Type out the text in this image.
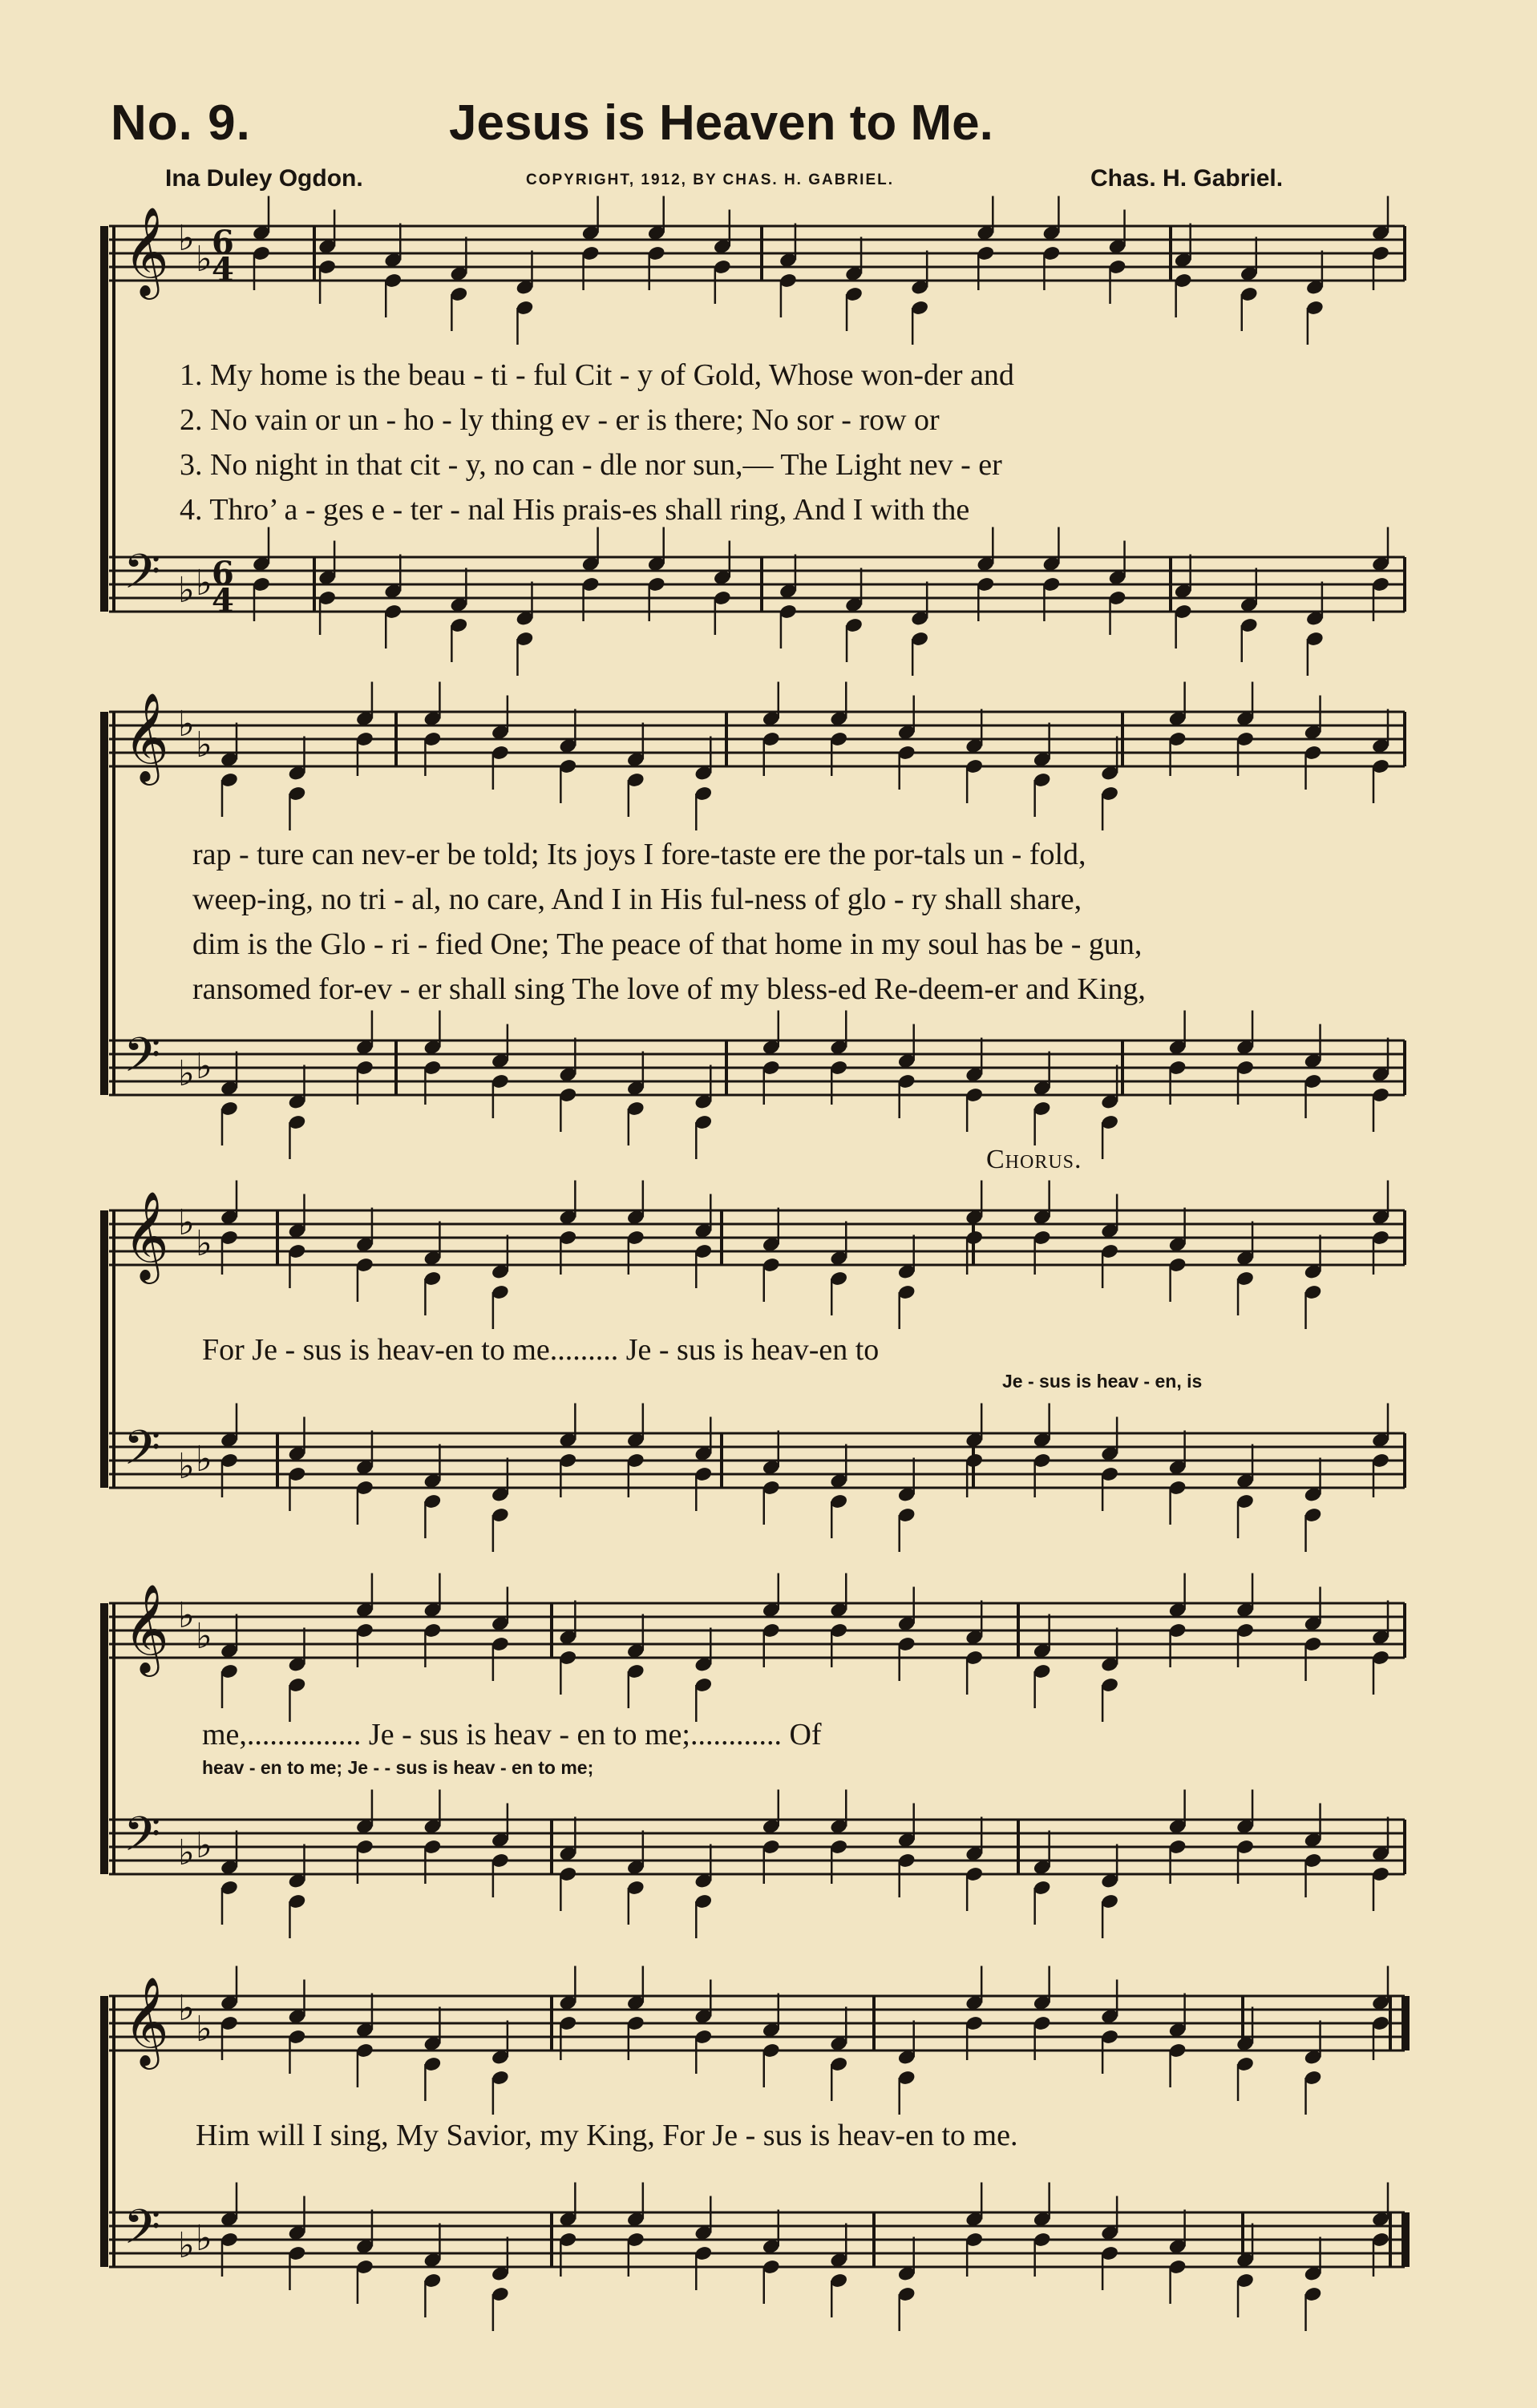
No. 9.	Jesus is Heaven to Me.
Ina Duley Ogdon.	COPYRIGHT, 1912, BY CHAS. H. GABRIEL.	Chas. H. Gabriel.
𝄞
𝄢
♭
♭
♭ ♭
6
4
6
4
𝄞
𝄢
♭
♭
♭ ♭
𝄞
𝄢
♭
♭
♭ ♭
𝄞
𝄢
♭
♭
♭ ♭
𝄞
𝄢
♭
♭
♭ ♭
1. My home is the beau - ti - ful Cit - y of Gold, Whose won-der and
2. No vain or un - ho - ly thing ev - er is there; No sor - row or
3. No night in that cit - y, no can - dle nor sun,— The Light nev - er
4. Thro’ a - ges e - ter - nal His prais-es shall ring, And I with the
rap - ture can nev-er be told; Its joys I fore-taste ere the por-tals un - fold,
weep-ing, no tri - al, no care, And I in His ful-ness of glo - ry shall share,
dim is the Glo - ri - fied One; The peace of that home in my soul has be - gun,
ransomed for-ev - er shall sing The love of my bless-ed Re-deem-er and King,
Chorus.
For Je - sus is heav-en to me......... Je - sus is heav-en to
Je - sus is heav - en, is
me,............... Je - sus is heav - en to me;............ Of
heav - en to me; Je - - sus is heav - en to me;
Him will I sing, My Savior, my King, For Je - sus is heav-en to me.
